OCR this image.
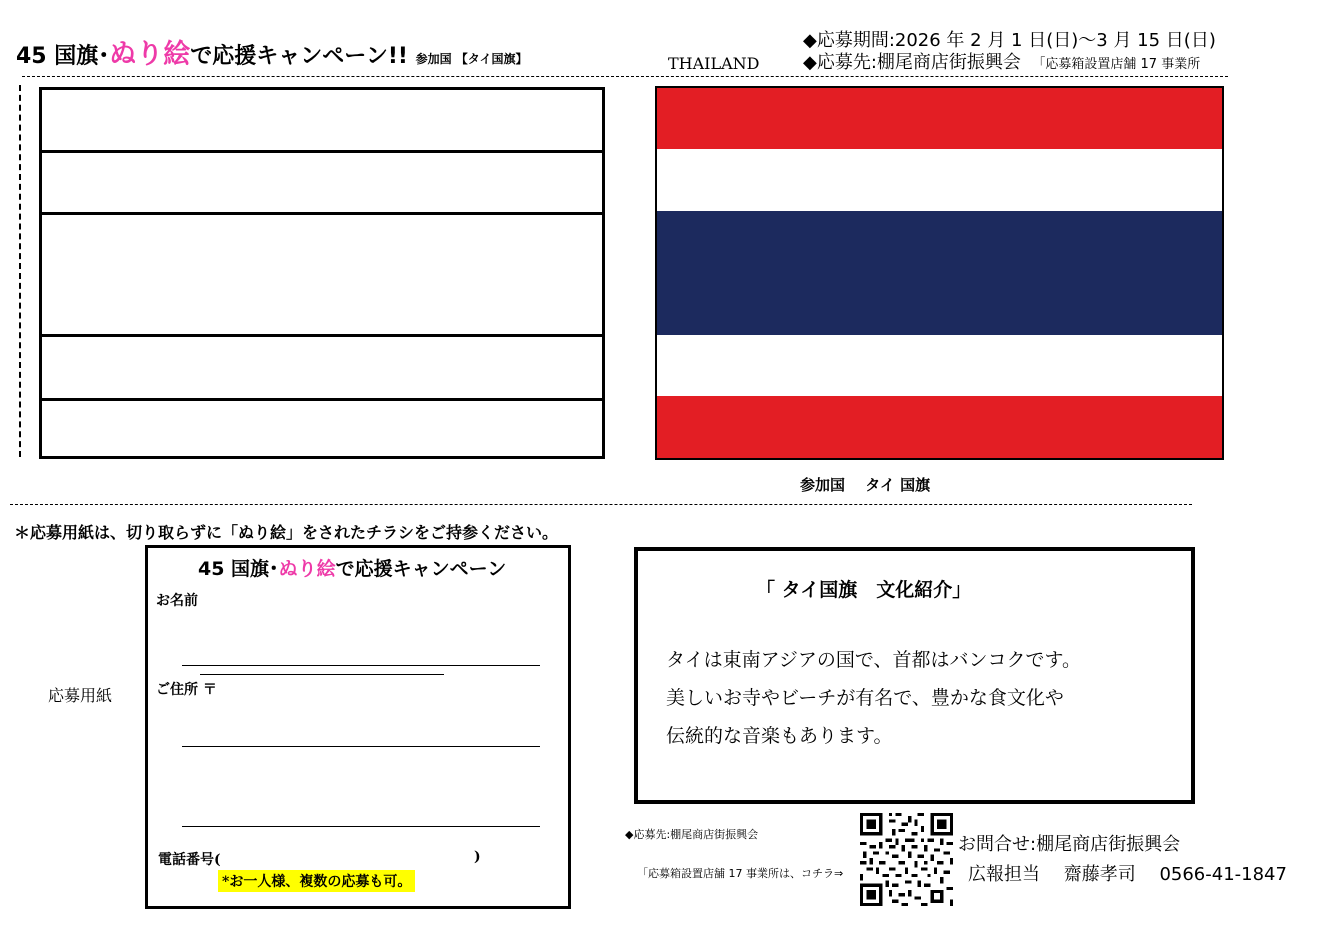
45 国旗･ぬり絵で応援キャンペーン!! 参加国 【タイ国旗】
◆応募期間:2026 年 2 月 1 日(日)～3 月 15 日(日)
◆応募先:棚尾商店街振興会　 「応募箱設置店舗 17 事業所
THAILAND
参加国　 タイ 国旗
＊応募用紙は、切り取らずに「ぬり絵」をされたチラシをご持参ください。
応募用紙
45 国旗･ぬり絵で応援キャンペーン
お名前
ご住所 〒
電話番号(	)
*お一人様、複数の応募も可。
「 タイ国旗　文化紹介」
タイは東南アジアの国で、首都はバンコクです。
美しいお寺やビーチが有名で、豊かな食文化や
伝統的な音楽もあります。
◆応募先:棚尾商店街振興会
「応募箱設置店舗 17 事業所は、コチラ⇒
お問合せ:棚尾商店街振興会
広報担当　 齋藤孝司　 0566-41-1847
